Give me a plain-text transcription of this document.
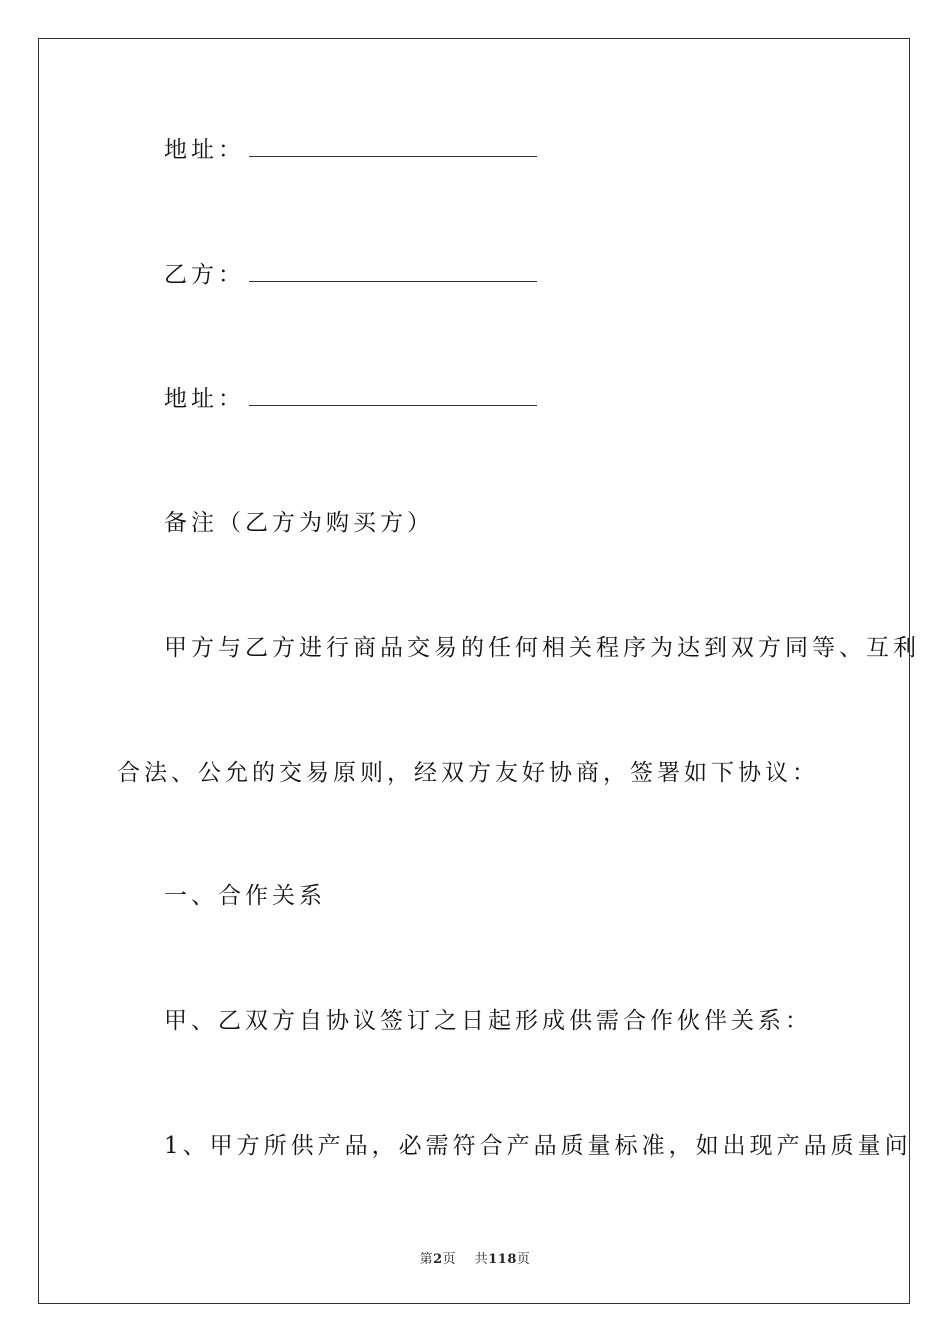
地址：
乙方：
地址：
备注（乙方为购买方）
甲方与乙方进行商品交易的任何相关程序为达到双方同等、互利
合法、公允的交易原则，经双方友好协商，签署如下协议：
一、合作关系
甲、乙双方自协议签订之日起形成供需合作伙伴关系：
1、甲方所供产品，必需符合产品质量标准，如出现产品质量问
第2页 共118页
